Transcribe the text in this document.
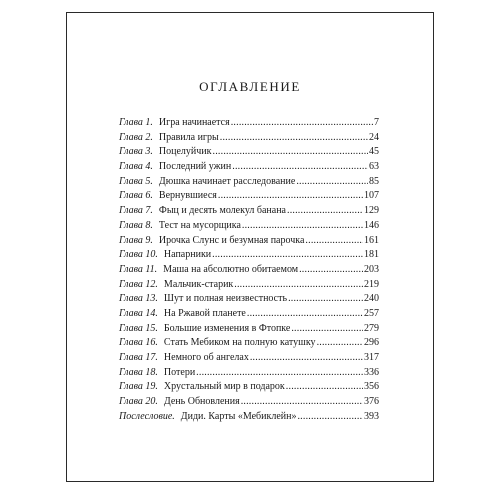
ОГЛАВЛЕНИЕ
Глава 1. Игра начинается .....	7
Глава 2. Правила игры .....	24
Глава 3. Поцелуйчик .....	45
Глава 4. Последний ужин .....	63
Глава 5. Дюшка начинает расследование .....	85
Глава 6. Вернувшиеся .....	107
Глава 7. Фыц и десять молекул банана .....	129
Глава 8. Тест на мусорщика .....	146
Глава 9. Ирочка Слунс и безумная парочка .....	161
Глава 10. Напарники .....	181
Глава 11. Маша на абсолютно обитаемом .....	203
Глава 12. Мальчик-старик .....	219
Глава 13. Шут и полная неизвестность .....	240
Глава 14. На Ржавой планете .....	257
Глава 15. Большие изменения в Фтопке .....	279
Глава 16. Стать Мебиком на полную катушку .....	296
Глава 17. Немного об ангелах .....	317
Глава 18. Потери .....	336
Глава 19. Хрустальный мир в подарок .....	356
Глава 20. День Обновления .....	376
Послесловие. Диди. Карты «Мебиклейн» .....	393
